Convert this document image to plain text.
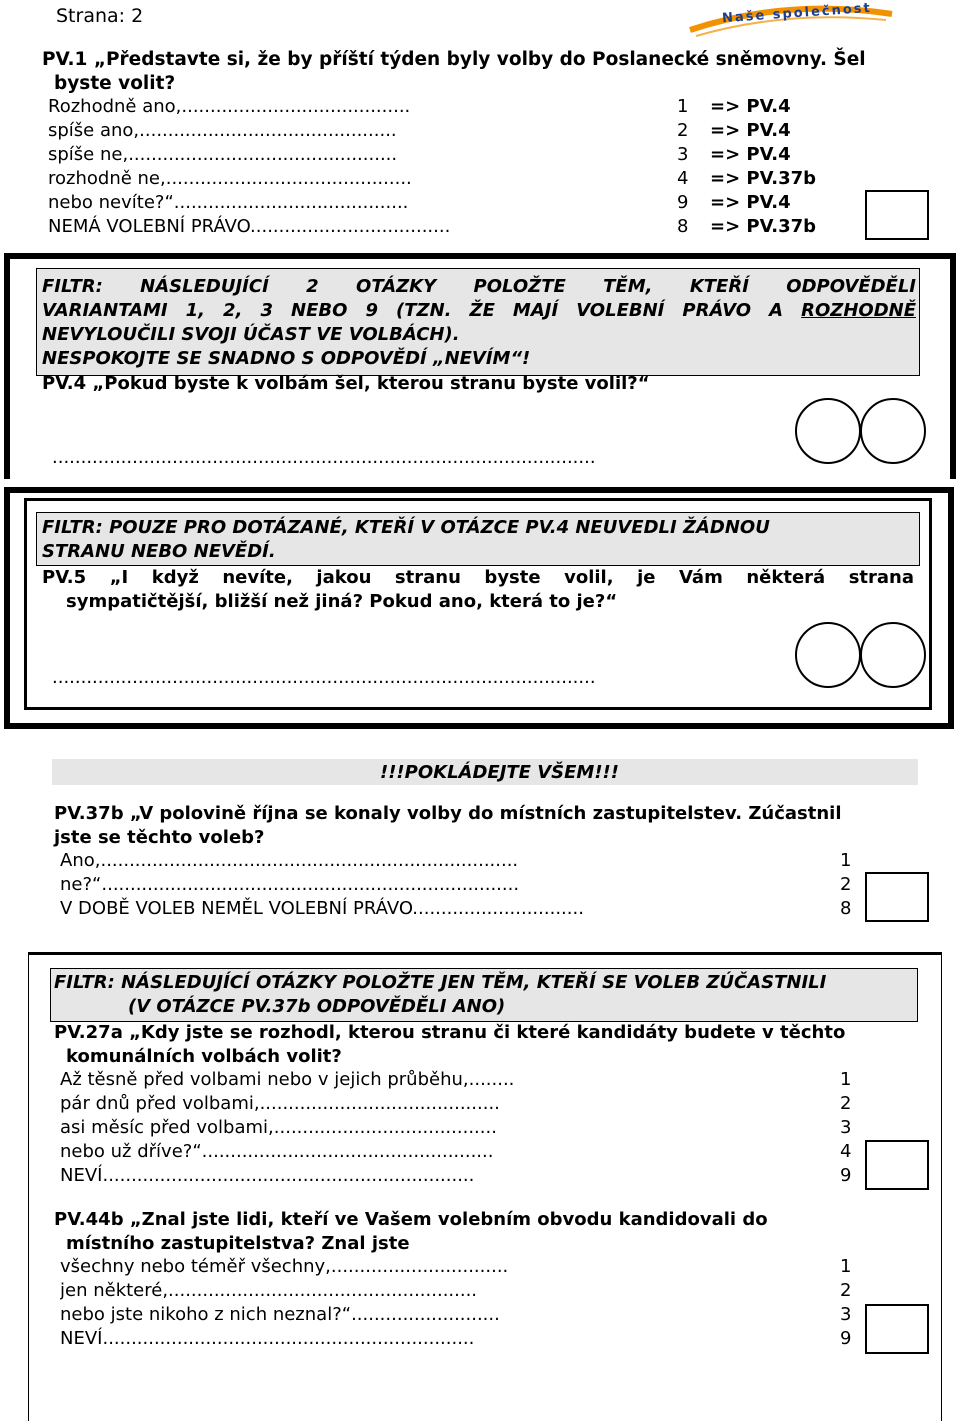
Strana: 2	Naše společnost
PV.1 „Představte si, že by příští týden byly volby do Poslanecké sněmovny. Šel
byste volit?
Rozhodně ano,........................................	1 => PV.4
spíše ano,.............................................	2 => PV.4
spíše ne,...............................................	3 => PV.4
rozhodně ne,...........................................	4 => PV.37b
nebo nevíte?“.........................................	9 => PV.4
NEMÁ VOLEBNÍ PRÁVO...................................	8 => PV.37b
FILTR: NÁSLEDUJÍCÍ 2 OTÁZKY POLOŽTE TĚM, KTEŘÍ ODPOVĚDĚLI
VARIANTAMI 1, 2, 3 NEBO 9 (TZN. ŽE MAJÍ VOLEBNÍ PRÁVO A ROZHODNĚ
NEVYLOUČILI SVOJI ÚČAST VE VOLBÁCH).
NESPOKOJTE SE SNADNO S ODPOVĚDÍ „NEVÍM“!
PV.4 „Pokud byste k volbám šel, kterou stranu byste volil?“
...............................................................................................
FILTR: POUZE PRO DOTÁZANÉ, KTEŘÍ V OTÁZCE PV.4 NEUVEDLI ŽÁDNOU
STRANU NEBO NEVĚDÍ.
PV.5 „I když nevíte, jakou stranu byste volil, je Vám některá strana
sympatičtější, bližší než jiná? Pokud ano, která to je?“
...............................................................................................
!!!POKLÁDEJTE VŠEM!!!
PV.37b „V polovině října se konaly volby do místních zastupitelstev. Zúčastnil
jste se těchto voleb?
Ano,.........................................................................	1
ne?“.........................................................................	2
V DOBĚ VOLEB NEMĚL VOLEBNÍ PRÁVO..............................	8
FILTR: NÁSLEDUJÍCÍ OTÁZKY POLOŽTE JEN TĚM, KTEŘÍ SE VOLEB ZÚČASTNILI
(V OTÁZCE PV.37b ODPOVĚDĚLI ANO)
PV.27a „Kdy jste se rozhodl, kterou stranu či které kandidáty budete v těchto
komunálních volbách volit?
Až těsně před volbami nebo v jejich průběhu,........	1
pár dnů před volbami,..........................................	2
asi měsíc před volbami,.......................................	3
nebo už dříve?“...................................................	4
NEVÍ.................................................................	9
PV.44b „Znal jste lidi, kteří ve Vašem volebním obvodu kandidovali do
místního zastupitelstva? Znal jste
všechny nebo téměř všechny,...............................	1
jen některé,......................................................	2
nebo jste nikoho z nich neznal?“..........................	3
NEVÍ.................................................................	9
